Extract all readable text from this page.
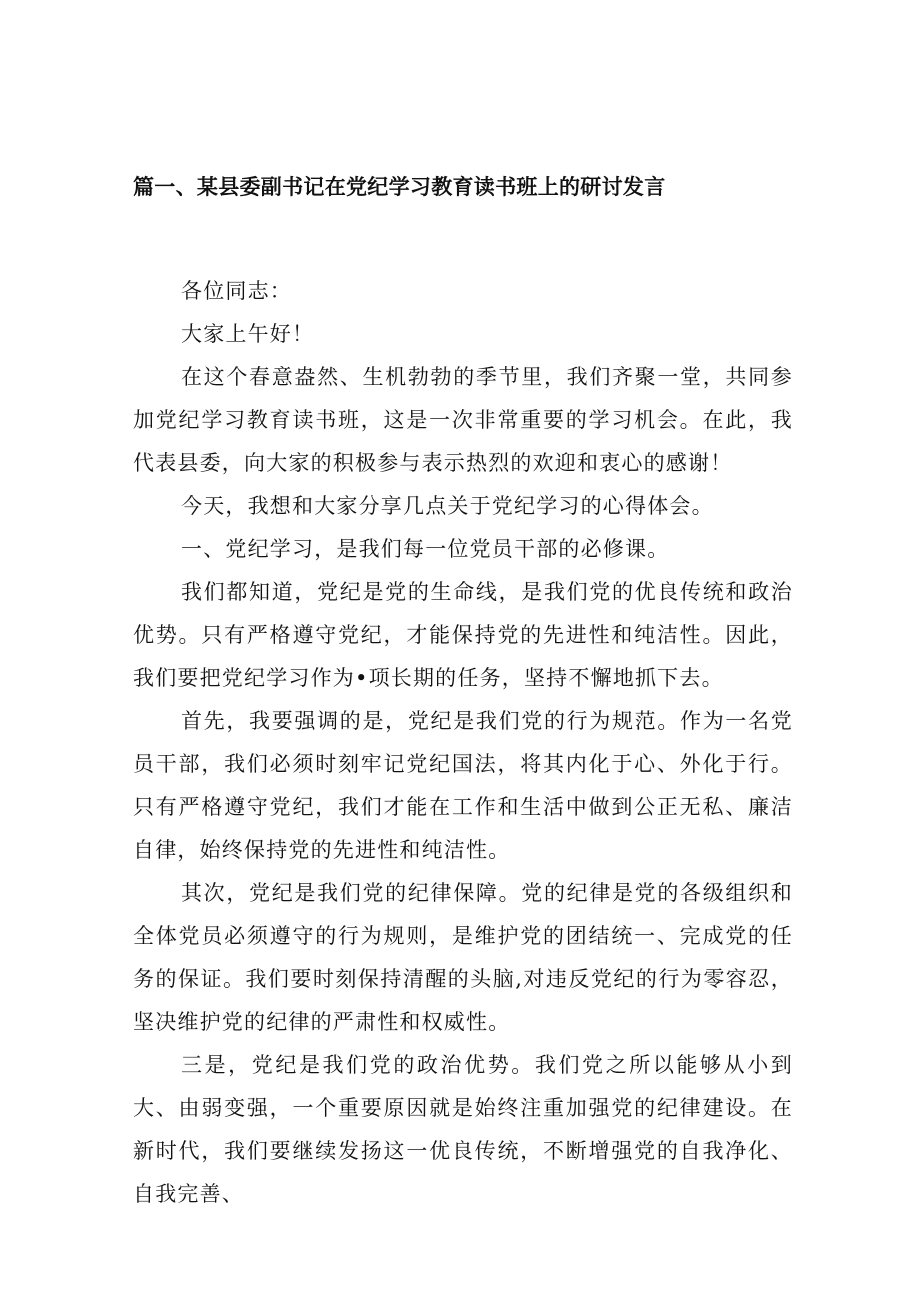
篇一、某县委副书记在党纪学习教育读书班上的研讨发言

各位同志：

大家上午好！

在这个春意盎然、生机勃勃的季节里，我们齐聚一堂，共同参加党纪学习教育读书班，这是一次非常重要的学习机会。在此，我代表县委，向大家的积极参与表示热烈的欢迎和衷心的感谢！

今天，我想和大家分享几点关于党纪学习的心得体会。

一、党纪学习，是我们每一位党员干部的必修课。

我们都知道，党纪是党的生命线，是我们党的优良传统和政治优势。只有严格遵守党纪，才能保持党的先进性和纯洁性。因此，我们要把党纪学习作为•项长期的任务，坚持不懈地抓下去。

首先，我要强调的是，党纪是我们党的行为规范。作为一名党员干部，我们必须时刻牢记党纪国法，将其内化于心、外化于行。只有严格遵守党纪，我们才能在工作和生活中做到公正无私、廉洁自律，始终保持党的先进性和纯洁性。

其次，党纪是我们党的纪律保障。党的纪律是党的各级组织和全体党员必须遵守的行为规则，是维护党的团结统一、完成党的任务的保证。我们要时刻保持清醒的头脑,对违反党纪的行为零容忍，坚决维护党的纪律的严肃性和权威性。

三是，党纪是我们党的政治优势。我们党之所以能够从小到大、由弱变强，一个重要原因就是始终注重加强党的纪律建设。在新时代，我们要继续发扬这一优良传统，不断增强党的自我净化、自我完善、
